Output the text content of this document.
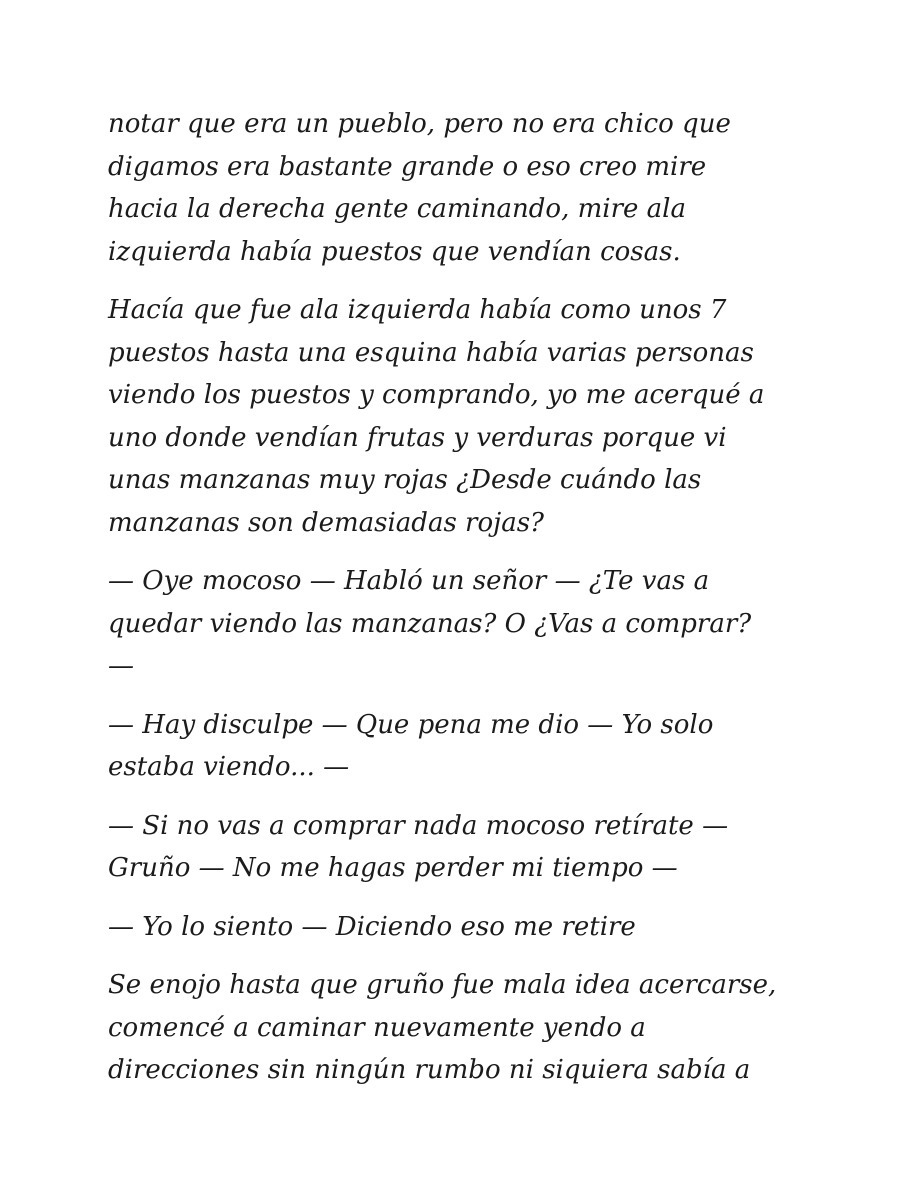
notar que era un pueblo, pero no era chico que
digamos era bastante grande o eso creo mire
hacia la derecha gente caminando, mire ala
izquierda había puestos que vendían cosas.

Hacía que fue ala izquierda había como unos 7
puestos hasta una esquina había varias personas
viendo los puestos y comprando, yo me acerqué a
uno donde vendían frutas y verduras porque vi
unas manzanas muy rojas ¿Desde cuándo las
manzanas son demasiadas rojas?

— Oye mocoso — Habló un señor — ¿Te vas a
quedar viendo las manzanas? O ¿Vas a comprar?
—

— Hay disculpe — Que pena me dio — Yo solo
estaba viendo... —

— Si no vas a comprar nada mocoso retírate —
Gruño — No me hagas perder mi tiempo —

— Yo lo siento — Diciendo eso me retire

Se enojo hasta que gruño fue mala idea acercarse,
comencé a caminar nuevamente yendo a
direcciones sin ningún rumbo ni siquiera sabía a
